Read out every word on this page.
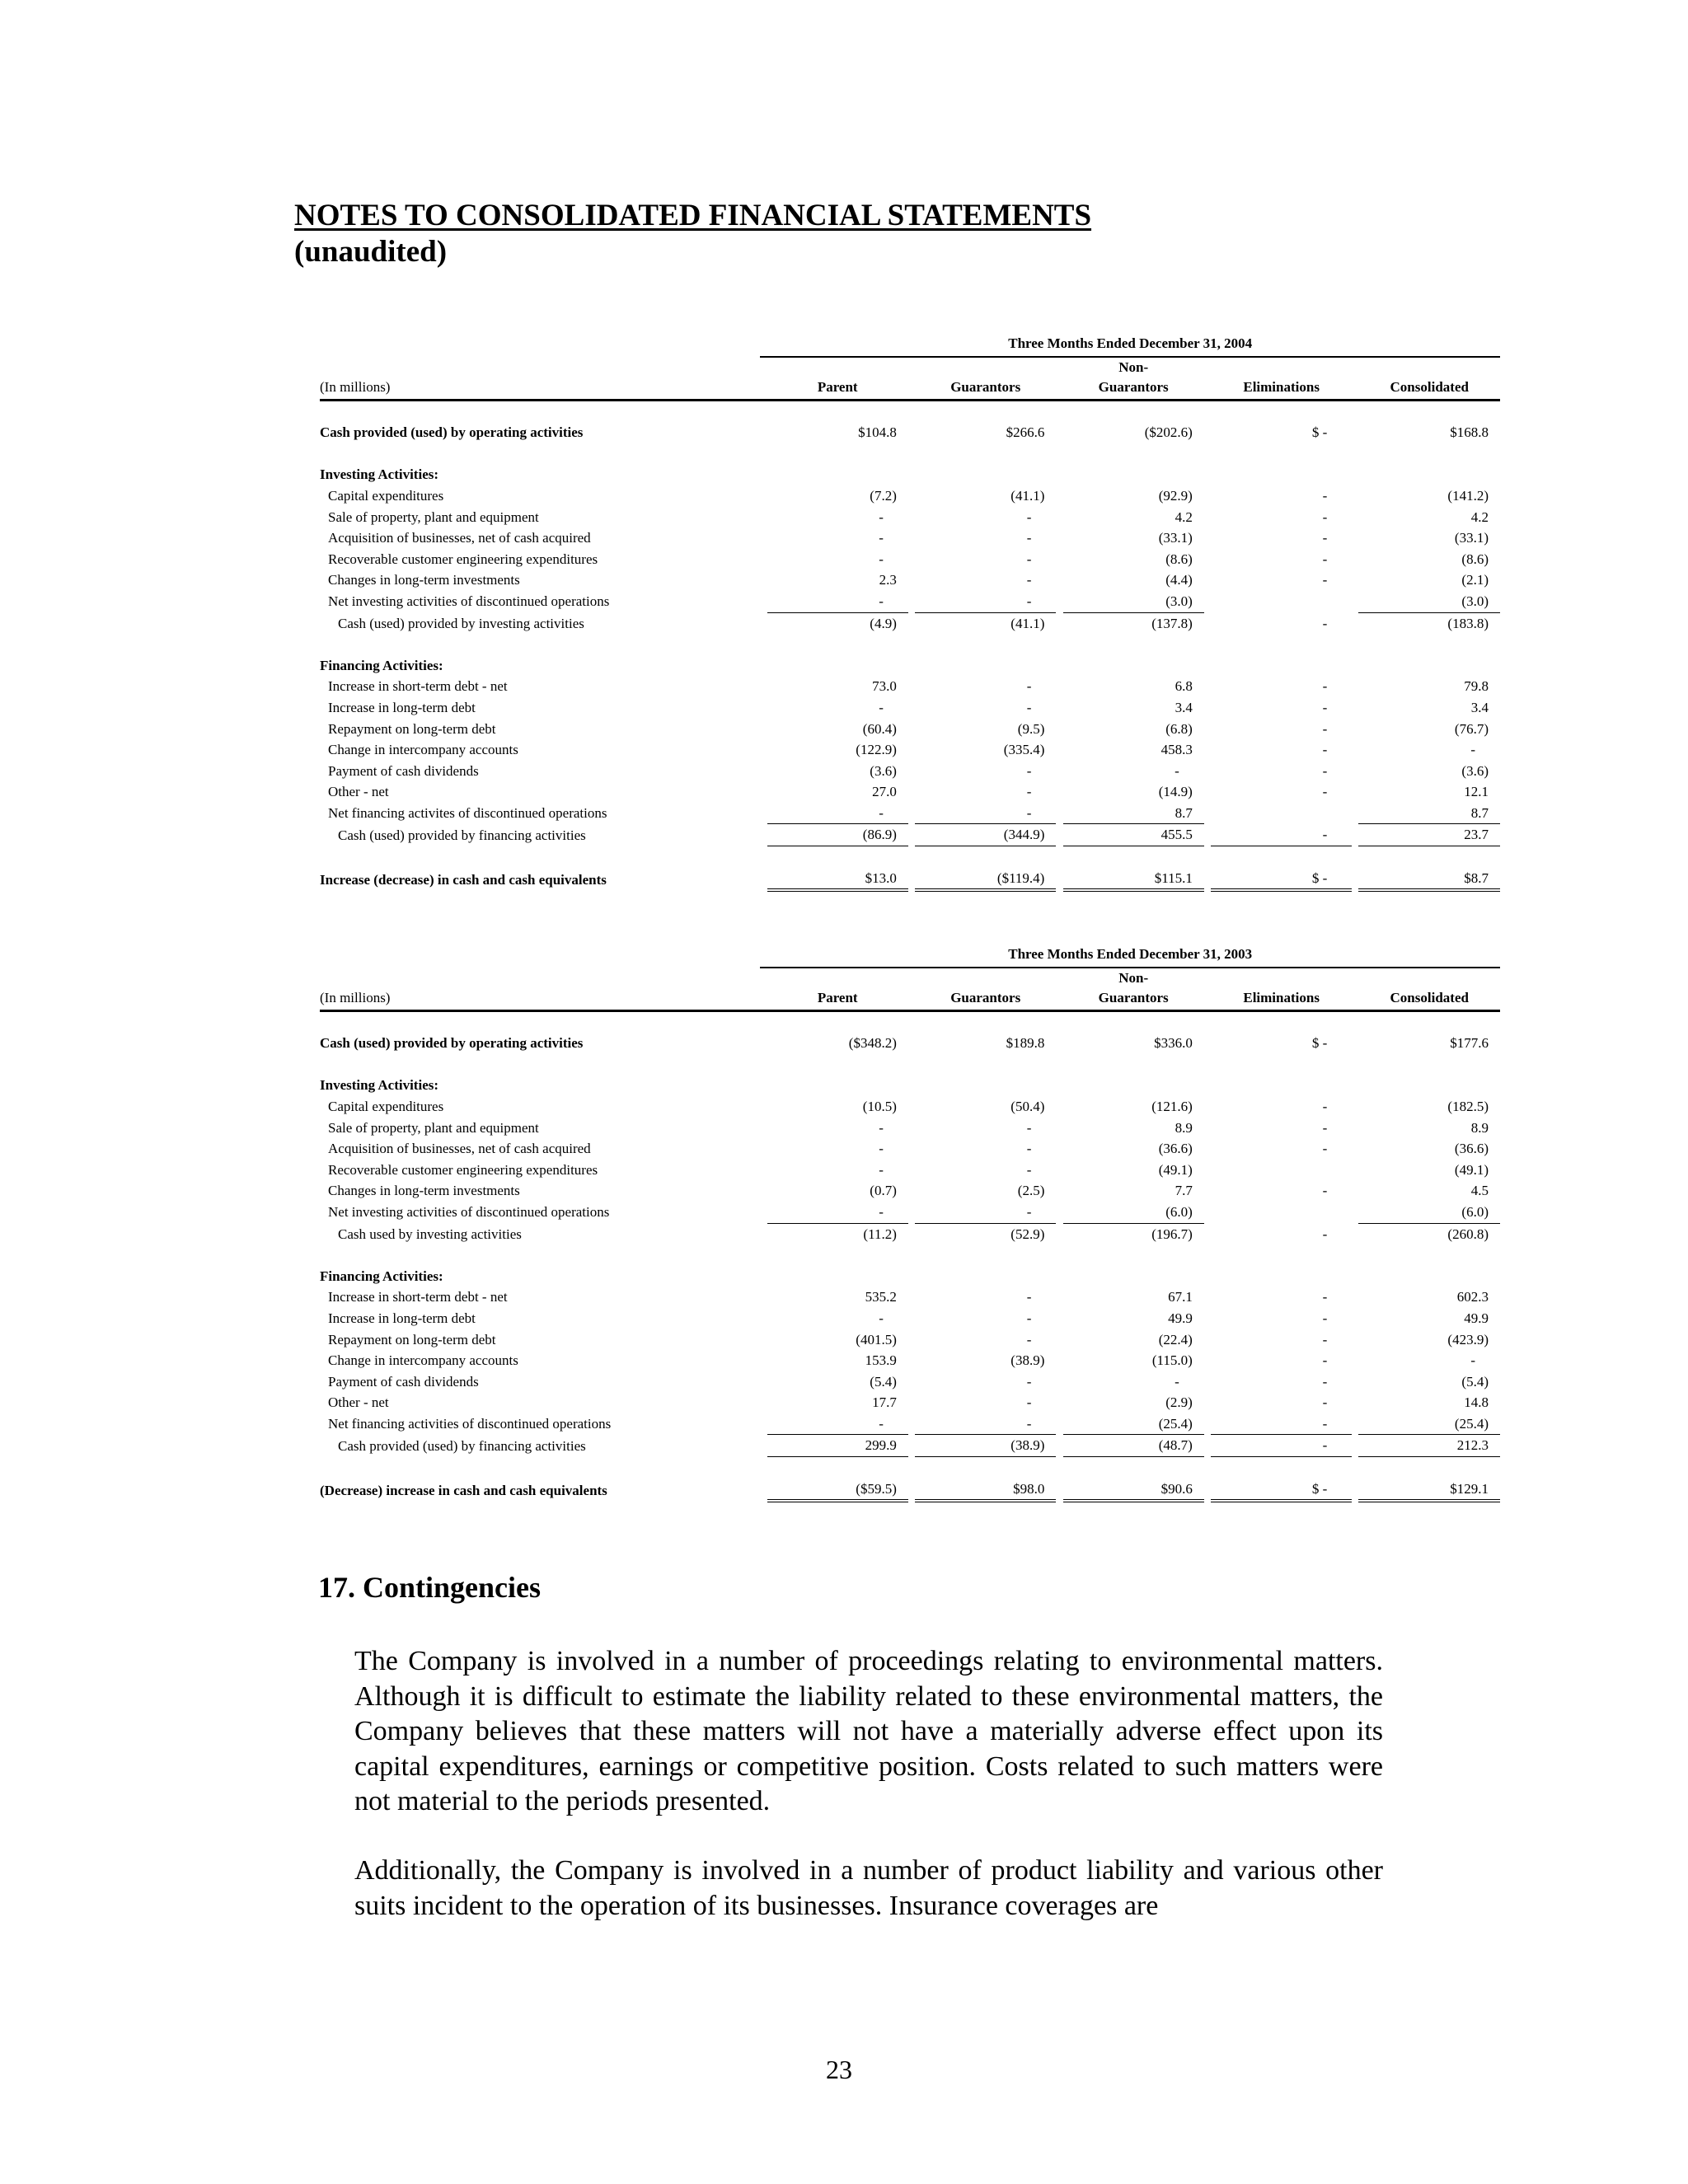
NOTES TO CONSOLIDATED FINANCIAL STATEMENTS
(unaudited)
	Three Months Ended December 31, 2004									
(In millions)		Parent		Guarantors		Non-
Guarantors		Eliminations		Consolidated

Cash provided (used) by operating activities		$104.8		$266.6		($202.6)		$ -		$168.8

Investing Activities:										
Capital expenditures		(7.2)		(41.1)		(92.9)		-		(141.2)
Sale of property, plant and equipment		-		-		4.2		-		4.2
Acquisition of businesses, net of cash acquired		-		-		(33.1)		-		(33.1)
Recoverable customer engineering expenditures		-		-		(8.6)		-		(8.6)
Changes in long-term investments		2.3		-		(4.4)		-		(2.1)
Net investing activities of discontinued operations		-		-		(3.0)				(3.0)
Cash (used) provided by investing activities		(4.9)		(41.1)		(137.8)		-		(183.8)

Financing Activities:										
Increase in short-term debt - net		73.0		-		6.8		-		79.8
Increase in long-term debt		-		-		3.4		-		3.4
Repayment on long-term debt		(60.4)		(9.5)		(6.8)		-		(76.7)
Change in intercompany accounts		(122.9)		(335.4)		458.3		-		-
Payment of cash dividends		(3.6)		-		-		-		(3.6)
Other - net		27.0		-		(14.9)		-		12.1
Net financing activites of discontinued operations		-		-		8.7				8.7
Cash (used) provided by financing activities		(86.9)		(344.9)		455.5		-		23.7

Increase (decrease) in cash and cash equivalents		$13.0		($119.4)		$115.1		$ -		$8.7
	Three Months Ended December 31, 2003									
(In millions)		Parent		Guarantors		Non-
Guarantors		Eliminations		Consolidated

Cash (used) provided by operating activities		($348.2)		$189.8		$336.0		$ -		$177.6

Investing Activities:										
Capital expenditures		(10.5)		(50.4)		(121.6)		-		(182.5)
Sale of property, plant and equipment		-		-		8.9		-		8.9
Acquisition of businesses, net of cash acquired		-		-		(36.6)		-		(36.6)
Recoverable customer engineering expenditures		-		-		(49.1)				(49.1)
Changes in long-term investments		(0.7)		(2.5)		7.7		-		4.5
Net investing activities of discontinued operations		-		-		(6.0)				(6.0)
Cash used by investing activities		(11.2)		(52.9)		(196.7)		-		(260.8)

Financing Activities:										
Increase in short-term debt - net		535.2		-		67.1		-		602.3
Increase in long-term debt		-		-		49.9		-		49.9
Repayment on long-term debt		(401.5)		-		(22.4)		-		(423.9)
Change in intercompany accounts		153.9		(38.9)		(115.0)		-		-
Payment of cash dividends		(5.4)		-		-		-		(5.4)
Other - net		17.7		-		(2.9)		-		14.8
Net financing activities of discontinued operations		-		-		(25.4)		-		(25.4)
Cash provided (used) by financing activities		299.9		(38.9)		(48.7)		-		212.3

(Decrease) increase in cash and cash equivalents		($59.5)		$98.0		$90.6		$ -		$129.1
17. Contingencies

The Company is involved in a number of proceedings relating to environmental matters. Although it is difficult to estimate the liability related to these environmental matters, the Company believes that these matters will not have a materially adverse effect upon its capital expenditures, earnings or competitive position. Costs related to such matters were not material to the periods presented.

Additionally, the Company is involved in a number of product liability and various other suits incident to the operation of its businesses. Insurance coverages are

23
